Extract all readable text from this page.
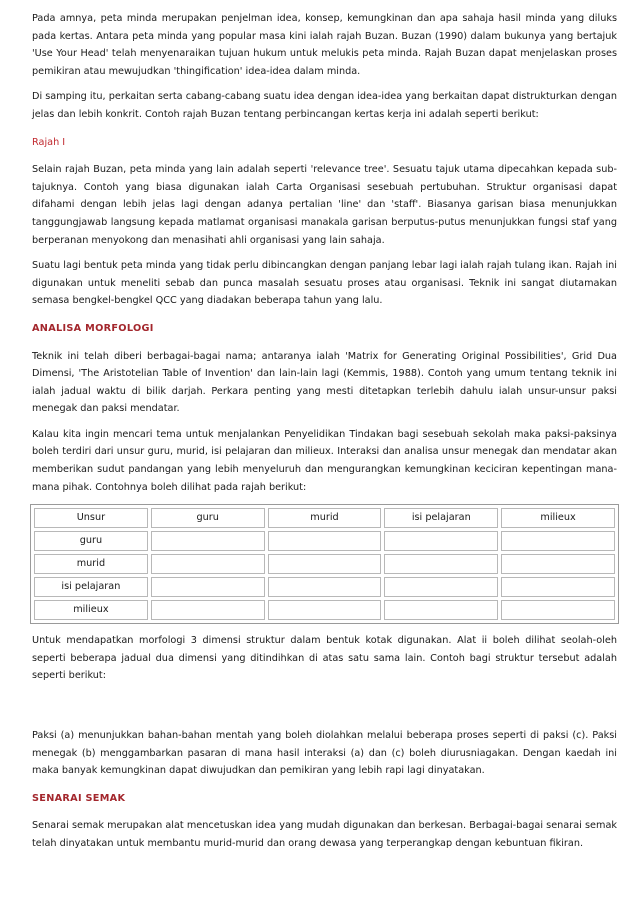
Pada amnya, peta minda merupakan penjelman idea, konsep, kemungkinan dan apa sahaja hasil minda yang diluks pada kertas. Antara peta minda yang popular masa kini ialah rajah Buzan. Buzan (1990) dalam bukunya yang bertajuk 'Use Your Head' telah menyenaraikan tujuan hukum untuk melukis peta minda. Rajah Buzan dapat menjelaskan proses pemikiran atau mewujudkan 'thingification' idea-idea dalam minda.

Di samping itu, perkaitan serta cabang-cabang suatu idea dengan idea-idea yang berkaitan dapat distrukturkan dengan jelas dan lebih konkrit. Contoh rajah Buzan tentang perbincangan kertas kerja ini adalah seperti berikut:

Rajah I

Selain rajah Buzan, peta minda yang lain adalah seperti 'relevance tree'. Sesuatu tajuk utama dipecahkan kepada sub-tajuknya. Contoh yang biasa digunakan ialah Carta Organisasi sesebuah pertubuhan. Struktur organisasi dapat difahami dengan lebih jelas lagi dengan adanya pertalian 'line' dan 'staff'. Biasanya garisan biasa menunjukkan tanggungjawab langsung kepada matlamat organisasi manakala garisan berputus-putus menunjukkan fungsi staf yang berperanan menyokong dan menasihati ahli organisasi yang lain sahaja.

Suatu lagi bentuk peta minda yang tidak perlu dibincangkan dengan panjang lebar lagi ialah rajah tulang ikan. Rajah ini digunakan untuk meneliti sebab dan punca masalah sesuatu proses atau organisasi. Teknik ini sangat diutamakan semasa bengkel-bengkel QCC yang diadakan beberapa tahun yang lalu.

ANALISA MORFOLOGI

Teknik ini telah diberi berbagai-bagai nama; antaranya ialah 'Matrix for Generating Original Possibilities', Grid Dua Dimensi, 'The Aristotelian Table of Invention' dan lain-lain lagi (Kemmis, 1988). Contoh yang umum tentang teknik ini ialah jadual waktu di bilik darjah. Perkara penting yang mesti ditetapkan terlebih dahulu ialah unsur-unsur paksi menegak dan paksi mendatar.

Kalau kita ingin mencari tema untuk menjalankan Penyelidikan Tindakan bagi sesebuah sekolah maka paksi-paksinya boleh terdiri dari unsur guru, murid, isi pelajaran dan milieux. Interaksi dan analisa unsur menegak dan mendatar akan memberikan sudut pandangan yang lebih menyeluruh dan mengurangkan kemungkinan keciciran kepentingan mana-mana pihak. Contohnya boleh dilihat pada rajah berikut:

Unsur	guru	murid	isi pelajaran	milieux
guru				
murid				
isi pelajaran				
milieux				

Untuk mendapatkan morfologi 3 dimensi struktur dalam bentuk kotak digunakan. Alat ii boleh dilihat seolah-oleh seperti beberapa jadual dua dimensi yang ditindihkan di atas satu sama lain. Contoh bagi struktur tersebut adalah seperti berikut:

Paksi (a) menunjukkan bahan-bahan mentah yang boleh diolahkan melalui beberapa proses seperti di paksi (c). Paksi menegak (b) menggambarkan pasaran di mana hasil interaksi (a) dan (c) boleh diurusniagakan. Dengan kaedah ini maka banyak kemungkinan dapat diwujudkan dan pemikiran yang lebih rapi lagi dinyatakan.

SENARAI SEMAK

Senarai semak merupakan alat mencetuskan idea yang mudah digunakan dan berkesan. Berbagai-bagai senarai semak telah dinyatakan untuk membantu murid-murid dan orang dewasa yang terperangkap dengan kebuntuan fikiran.
